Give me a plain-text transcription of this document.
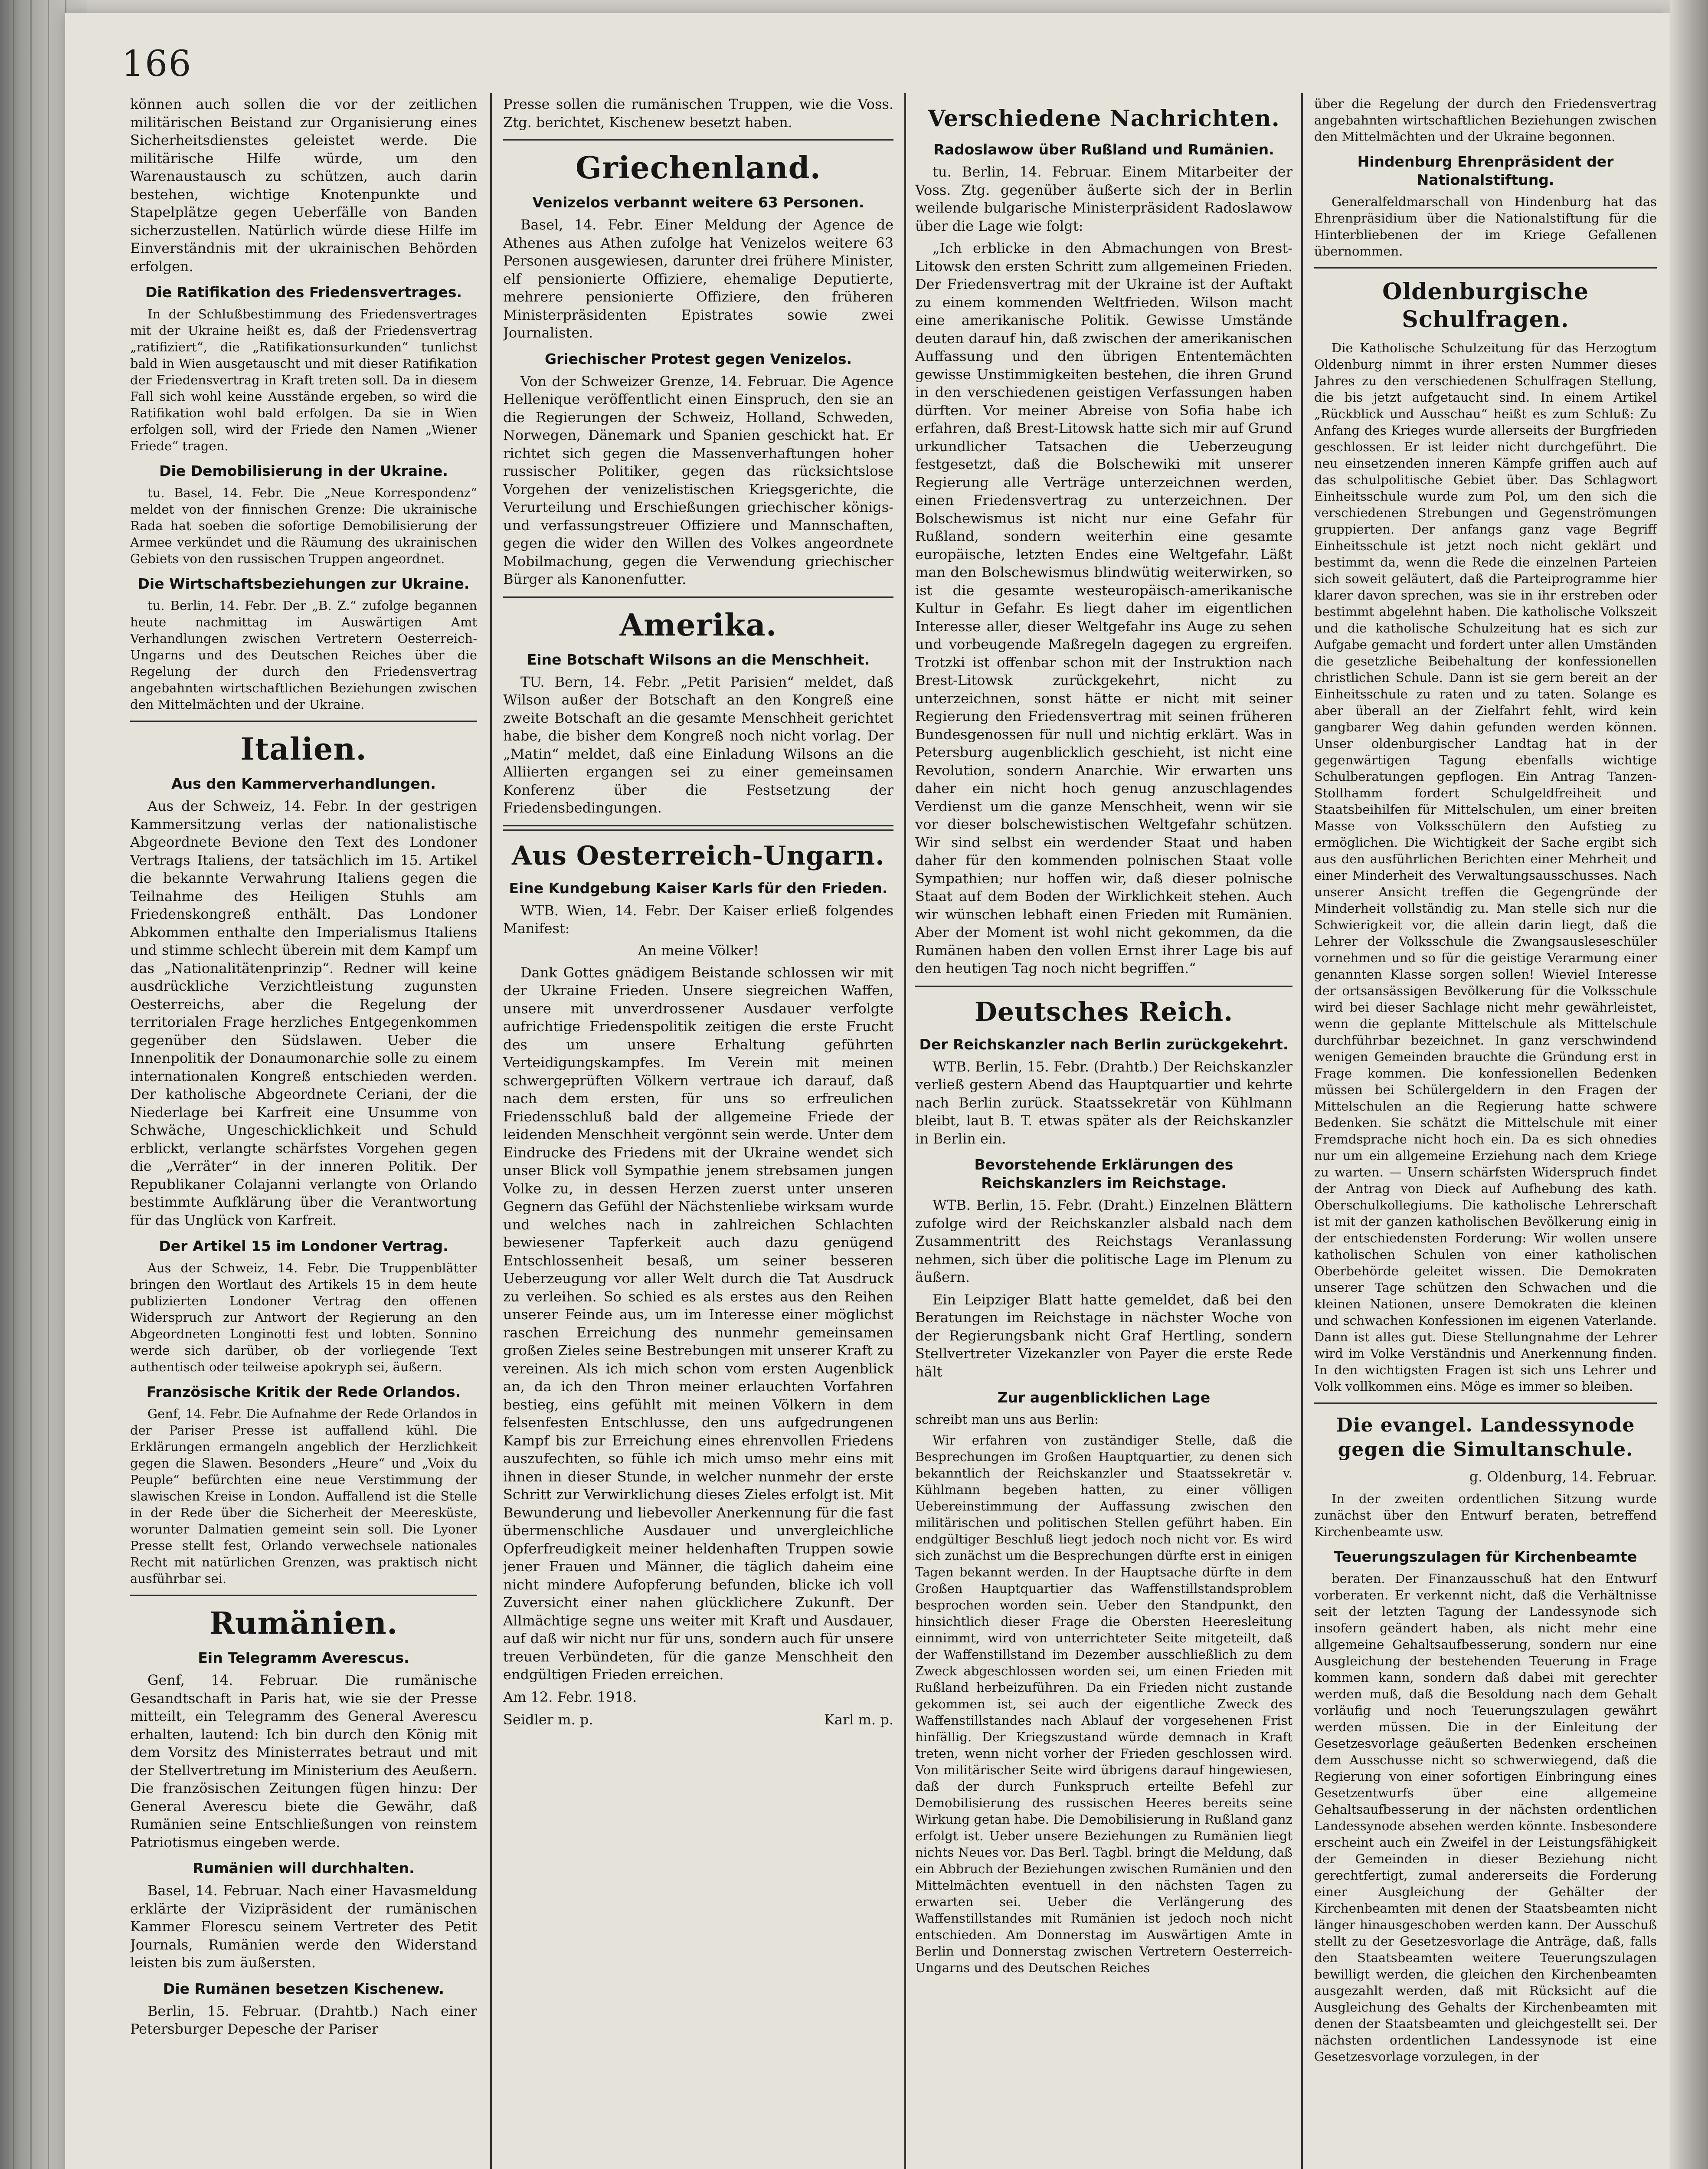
166

können auch sollen die vor der zeitlichen militärischen Beistand zur Organisierung eines Sicherheitsdienstes geleistet werde. Die militärische Hilfe würde, um den Warenaustausch zu schützen, auch darin bestehen, wichtige Knotenpunkte und Stapelplätze gegen Ueberfälle von Banden sicherzustellen. Natürlich würde diese Hilfe im Einverständnis mit der ukrainischen Behörden erfolgen.

Die Ratifikation des Friedensvertrages.

In der Schlußbestimmung des Friedensvertrages mit der Ukraine heißt es, daß der Friedensvertrag „ratifiziert“, die „Ratifikationsurkunden“ tunlichst bald in Wien ausgetauscht und mit dieser Ratifikation der Friedensvertrag in Kraft treten soll. Da in diesem Fall sich wohl keine Ausstände ergeben, so wird die Ratifikation wohl bald erfolgen. Da sie in Wien erfolgen soll, wird der Friede den Namen „Wiener Friede“ tragen.

Die Demobilisierung in der Ukraine.

tu. Basel, 14. Febr. Die „Neue Korrespondenz“ meldet von der finnischen Grenze: Die ukrainische Rada hat soeben die sofortige Demobilisierung der Armee verkündet und die Räumung des ukrainischen Gebiets von den russischen Truppen angeordnet.

Die Wirtschaftsbeziehungen zur Ukraine.

tu. Berlin, 14. Febr. Der „B. Z.“ zufolge begannen heute nachmittag im Auswärtigen Amt Verhandlungen zwischen Vertretern Oesterreich-Ungarns und des Deutschen Reiches über die Regelung der durch den Friedensvertrag angebahnten wirtschaftlichen Beziehungen zwischen den Mittelmächten und der Ukraine.

Italien.
Aus den Kammerverhandlungen.

Aus der Schweiz, 14. Febr. In der gestrigen Kammersitzung verlas der nationalistische Abgeordnete Bevione den Text des Londoner Vertrags Italiens, der tatsächlich im 15. Artikel die bekannte Verwahrung Italiens gegen die Teilnahme des Heiligen Stuhls am Friedenskongreß enthält. Das Londoner Abkommen enthalte den Imperialismus Italiens und stimme schlecht überein mit dem Kampf um das „Nationalitätenprinzip“. Redner will keine ausdrückliche Verzichtleistung zugunsten Oesterreichs, aber die Regelung der territorialen Frage herzliches Entgegenkommen gegenüber den Südslawen. Ueber die Innenpolitik der Donaumonarchie solle zu einem internationalen Kongreß entschieden werden. Der katholische Abgeordnete Ceriani, der die Niederlage bei Karfreit eine Unsumme von Schwäche, Ungeschicklichkeit und Schuld erblickt, verlangte schärfstes Vorgehen gegen die „Verräter“ in der inneren Politik. Der Republikaner Colajanni verlangte von Orlando bestimmte Aufklärung über die Verantwortung für das Unglück von Karfreit.

Der Artikel 15 im Londoner Vertrag.

Aus der Schweiz, 14. Febr. Die Truppenblätter bringen den Wortlaut des Artikels 15 in dem heute publizierten Londoner Vertrag den offenen Widerspruch zur Antwort der Regierung an den Abgeordneten Longinotti fest und lobten. Sonnino werde sich darüber, ob der vorliegende Text authentisch oder teilweise apokryph sei, äußern.

Französische Kritik der Rede Orlandos.

Genf, 14. Febr. Die Aufnahme der Rede Orlandos in der Pariser Presse ist auffallend kühl. Die Erklärungen ermangeln angeblich der Herzlichkeit gegen die Slawen. Besonders „Heure“ und „Voix du Peuple“ befürchten eine neue Verstimmung der slawischen Kreise in London. Auffallend ist die Stelle in der Rede über die Sicherheit der Meeresküste, worunter Dalmatien gemeint sein soll. Die Lyoner Presse stellt fest, Orlando verwechsele nationales Recht mit natürlichen Grenzen, was praktisch nicht ausführbar sei.

Rumänien.
Ein Telegramm Averescus.

Genf, 14. Februar. Die rumänische Gesandtschaft in Paris hat, wie sie der Presse mitteilt, ein Telegramm des General Averescu erhalten, lautend: Ich bin durch den König mit dem Vorsitz des Ministerrates betraut und mit der Stellvertretung im Ministerium des Aeußern. Die französischen Zeitungen fügen hinzu: Der General Averescu biete die Gewähr, daß Rumänien seine Entschließungen von reinstem Patriotismus eingeben werde.

Rumänien will durchhalten.

Basel, 14. Februar. Nach einer Havasmeldung erklärte der Vizipräsident der rumänischen Kammer Florescu seinem Vertreter des Petit Journals, Rumänien werde den Widerstand leisten bis zum äußersten.

Die Rumänen besetzen Kischenew.

Berlin, 15. Februar. (Drahtb.) Nach einer Petersburger Depesche der Pariser

Presse sollen die rumänischen Truppen, wie die Voss. Ztg. berichtet, Kischenew besetzt haben.

Griechenland.
Venizelos verbannt weitere 63 Personen.

Basel, 14. Febr. Einer Meldung der Agence de Athenes aus Athen zufolge hat Venizelos weitere 63 Personen ausgewiesen, darunter drei frühere Minister, elf pensionierte Offiziere, ehemalige Deputierte, mehrere pensionierte Offiziere, den früheren Ministerpräsidenten Epistrates sowie zwei Journalisten.

Griechischer Protest gegen Venizelos.

Von der Schweizer Grenze, 14. Februar. Die Agence Hellenique veröffentlicht einen Einspruch, den sie an die Regierungen der Schweiz, Holland, Schweden, Norwegen, Dänemark und Spanien geschickt hat. Er richtet sich gegen die Massenverhaftungen hoher russischer Politiker, gegen das rücksichtslose Vorgehen der venizelistischen Kriegsgerichte, die Verurteilung und Erschießungen griechischer königs- und verfassungstreuer Offiziere und Mannschaften, gegen die wider den Willen des Volkes angeordnete Mobilmachung, gegen die Verwendung griechischer Bürger als Kanonenfutter.

Amerika.
Eine Botschaft Wilsons an die Menschheit.

TU. Bern, 14. Febr. „Petit Parisien“ meldet, daß Wilson außer der Botschaft an den Kongreß eine zweite Botschaft an die gesamte Menschheit gerichtet habe, die bisher dem Kongreß noch nicht vorlag. Der „Matin“ meldet, daß eine Einladung Wilsons an die Alliierten ergangen sei zu einer gemeinsamen Konferenz über die Festsetzung der Friedensbedingungen.

Aus Oesterreich-Ungarn.
Eine Kundgebung Kaiser Karls für den Frieden.

WTB. Wien, 14. Febr. Der Kaiser erließ folgendes Manifest:

An meine Völker!

Dank Gottes gnädigem Beistande schlossen wir mit der Ukraine Frieden. Unsere siegreichen Waffen, unsere mit unverdrossener Ausdauer verfolgte aufrichtige Friedenspolitik zeitigen die erste Frucht des um unsere Erhaltung geführten Verteidigungskampfes. Im Verein mit meinen schwergeprüften Völkern vertraue ich darauf, daß nach dem ersten, für uns so erfreulichen Friedensschluß bald der allgemeine Friede der leidenden Menschheit vergönnt sein werde. Unter dem Eindrucke des Friedens mit der Ukraine wendet sich unser Blick voll Sympathie jenem strebsamen jungen Volke zu, in dessen Herzen zuerst unter unseren Gegnern das Gefühl der Nächstenliebe wirksam wurde und welches nach in zahlreichen Schlachten bewiesener Tapferkeit auch dazu genügend Entschlossenheit besaß, um seiner besseren Ueberzeugung vor aller Welt durch die Tat Ausdruck zu verleihen. So schied es als erstes aus den Reihen unserer Feinde aus, um im Interesse einer möglichst raschen Erreichung des nunmehr gemeinsamen großen Zieles seine Bestrebungen mit unserer Kraft zu vereinen. Als ich mich schon vom ersten Augenblick an, da ich den Thron meiner erlauchten Vorfahren bestieg, eins gefühlt mit meinen Völkern in dem felsenfesten Entschlusse, den uns aufgedrungenen Kampf bis zur Erreichung eines ehrenvollen Friedens auszufechten, so fühle ich mich umso mehr eins mit ihnen in dieser Stunde, in welcher nunmehr der erste Schritt zur Verwirklichung dieses Zieles erfolgt ist. Mit Bewunderung und liebevoller Anerkennung für die fast übermenschliche Ausdauer und unvergleichliche Opferfreudigkeit meiner heldenhaften Truppen sowie jener Frauen und Männer, die täglich daheim eine nicht mindere Aufopferung befunden, blicke ich voll Zuversicht einer nahen glücklichere Zukunft. Der Allmächtige segne uns weiter mit Kraft und Ausdauer, auf daß wir nicht nur für uns, sondern auch für unsere treuen Verbündeten, für die ganze Menschheit den endgültigen Frieden erreichen.

Am 12. Febr. 1918.

Seidler m. p.	Karl m. p.
Verschiedene Nachrichten.
Radoslawow über Rußland und Rumänien.

tu. Berlin, 14. Februar. Einem Mitarbeiter der Voss. Ztg. gegenüber äußerte sich der in Berlin weilende bulgarische Ministerpräsident Radoslawow über die Lage wie folgt:

„Ich erblicke in den Abmachungen von Brest-Litowsk den ersten Schritt zum allgemeinen Frieden. Der Friedensvertrag mit der Ukraine ist der Auftakt zu einem kommenden Weltfrieden. Wilson macht eine amerikanische Politik. Gewisse Umstände deuten darauf hin, daß zwischen der amerikanischen Auffassung und den übrigen Ententemächten gewisse Unstimmigkeiten bestehen, die ihren Grund in den verschiedenen geistigen Verfassungen haben dürften. Vor meiner Abreise von Sofia habe ich erfahren, daß Brest-Litowsk hatte sich mir auf Grund urkundlicher Tatsachen die Ueberzeugung festgesetzt, daß die Bolschewiki mit unserer Regierung alle Verträge unterzeichnen werden, einen Friedensvertrag zu unterzeichnen. Der Bolschewismus ist nicht nur eine Gefahr für Rußland, sondern weiterhin eine gesamte europäische, letzten Endes eine Weltgefahr. Läßt man den Bolschewismus blindwütig weiterwirken, so ist die gesamte westeuropäisch-amerikanische Kultur in Gefahr. Es liegt daher im eigentlichen Interesse aller, dieser Weltgefahr ins Auge zu sehen und vorbeugende Maßregeln dagegen zu ergreifen. Trotzki ist offenbar schon mit der Instruktion nach Brest-Litowsk zurückgekehrt, nicht zu unterzeichnen, sonst hätte er nicht mit seiner Regierung den Friedensvertrag mit seinen früheren Bundesgenossen für null und nichtig erklärt. Was in Petersburg augenblicklich geschieht, ist nicht eine Revolution, sondern Anarchie. Wir erwarten uns daher ein nicht hoch genug anzuschlagendes Verdienst um die ganze Menschheit, wenn wir sie vor dieser bolschewistischen Weltgefahr schützen. Wir sind selbst ein werdender Staat und haben daher für den kommenden polnischen Staat volle Sympathien; nur hoffen wir, daß dieser polnische Staat auf dem Boden der Wirklichkeit stehen. Auch wir wünschen lebhaft einen Frieden mit Rumänien. Aber der Moment ist wohl nicht gekommen, da die Rumänen haben den vollen Ernst ihrer Lage bis auf den heutigen Tag noch nicht begriffen.“

Deutsches Reich.
Der Reichskanzler nach Berlin zurückgekehrt.

WTB. Berlin, 15. Febr. (Drahtb.) Der Reichskanzler verließ gestern Abend das Hauptquartier und kehrte nach Berlin zurück. Staatssekretär von Kühlmann bleibt, laut B. T. etwas später als der Reichskanzler in Berlin ein.

Bevorstehende Erklärungen des Reichskanzlers im Reichstage.

WTB. Berlin, 15. Febr. (Draht.) Einzelnen Blättern zufolge wird der Reichskanzler alsbald nach dem Zusammentritt des Reichstags Veranlassung nehmen, sich über die politische Lage im Plenum zu äußern.

Ein Leipziger Blatt hatte gemeldet, daß bei den Beratungen im Reichstage in nächster Woche von der Regierungsbank nicht Graf Hertling, sondern Stellvertreter Vizekanzler von Payer die erste Rede hält

Zur augenblicklichen Lage

schreibt man uns aus Berlin:

Wir erfahren von zuständiger Stelle, daß die Besprechungen im Großen Hauptquartier, zu denen sich bekanntlich der Reichskanzler und Staatssekretär v. Kühlmann begeben hatten, zu einer völligen Uebereinstimmung der Auffassung zwischen den militärischen und politischen Stellen geführt haben. Ein endgültiger Beschluß liegt jedoch noch nicht vor. Es wird sich zunächst um die Besprechungen dürfte erst in einigen Tagen bekannt werden. In der Hauptsache dürfte in dem Großen Hauptquartier das Waffenstillstandsproblem besprochen worden sein. Ueber den Standpunkt, den hinsichtlich dieser Frage die Obersten Heeresleitung einnimmt, wird von unterrichteter Seite mitgeteilt, daß der Waffenstillstand im Dezember ausschließlich zu dem Zweck abgeschlossen worden sei, um einen Frieden mit Rußland herbeizuführen. Da ein Frieden nicht zustande gekommen ist, sei auch der eigentliche Zweck des Waffenstillstandes nach Ablauf der vorgesehenen Frist hinfällig. Der Kriegszustand würde demnach in Kraft treten, wenn nicht vorher der Frieden geschlossen wird. Von militärischer Seite wird übrigens darauf hingewiesen, daß der durch Funkspruch erteilte Befehl zur Demobilisierung des russischen Heeres bereits seine Wirkung getan habe. Die Demobilisierung in Rußland ganz erfolgt ist. Ueber unsere Beziehungen zu Rumänien liegt nichts Neues vor. Das Berl. Tagbl. bringt die Meldung, daß ein Abbruch der Beziehungen zwischen Rumänien und den Mittelmächten eventuell in den nächsten Tagen zu erwarten sei. Ueber die Verlängerung des Waffenstillstandes mit Rumänien ist jedoch noch nicht entschieden. Am Donnerstag im Auswärtigen Amte in Berlin und Donnerstag zwischen Vertretern Oesterreich-Ungarns und des Deutschen Reiches

über die Regelung der durch den Friedensvertrag angebahnten wirtschaftlichen Beziehungen zwischen den Mittelmächten und der Ukraine begonnen.

Hindenburg Ehrenpräsident der Nationalstiftung.

Generalfeldmarschall von Hindenburg hat das Ehrenpräsidium über die Nationalstiftung für die Hinterbliebenen der im Kriege Gefallenen übernommen.

Oldenburgische Schulfragen.

Die Katholische Schulzeitung für das Herzogtum Oldenburg nimmt in ihrer ersten Nummer dieses Jahres zu den verschiedenen Schulfragen Stellung, die bis jetzt aufgetaucht sind. In einem Artikel „Rückblick und Ausschau“ heißt es zum Schluß: Zu Anfang des Krieges wurde allerseits der Burgfrieden geschlossen. Er ist leider nicht durchgeführt. Die neu einsetzenden inneren Kämpfe griffen auch auf das schulpolitische Gebiet über. Das Schlagwort Einheitsschule wurde zum Pol, um den sich die verschiedenen Strebungen und Gegenströmungen gruppierten. Der anfangs ganz vage Begriff Einheitsschule ist jetzt noch nicht geklärt und bestimmt da, wenn die Rede die einzelnen Parteien sich soweit geläutert, daß die Parteiprogramme hier klarer davon sprechen, was sie in ihr erstreben oder bestimmt abgelehnt haben. Die katholische Volkszeit und die katholische Schulzeitung hat es sich zur Aufgabe gemacht und fordert unter allen Umständen die gesetzliche Beibehaltung der konfessionellen christlichen Schule. Dann ist sie gern bereit an der Einheitsschule zu raten und zu taten. Solange es aber überall an der Zielfahrt fehlt, wird kein gangbarer Weg dahin gefunden werden können. Unser oldenburgischer Landtag hat in der gegenwärtigen Tagung ebenfalls wichtige Schulberatungen gepflogen. Ein Antrag Tanzen-Stollhamm fordert Schulgeldfreiheit und Staatsbeihilfen für Mittelschulen, um einer breiten Masse von Volksschülern den Aufstieg zu ermöglichen. Die Wichtigkeit der Sache ergibt sich aus den ausführlichen Berichten einer Mehrheit und einer Minderheit des Verwaltungsausschusses. Nach unserer Ansicht treffen die Gegengründe der Minderheit vollständig zu. Man stelle sich nur die Schwierigkeit vor, die allein darin liegt, daß die Lehrer der Volksschule die Zwangsausleseschüler vornehmen und so für die geistige Verarmung einer genannten Klasse sorgen sollen! Wieviel Interesse der ortsansässigen Bevölkerung für die Volksschule wird bei dieser Sachlage nicht mehr gewährleistet, wenn die geplante Mittelschule als Mittelschule durchführbar bezeichnet. In ganz verschwindend wenigen Gemeinden brauchte die Gründung erst in Frage kommen. Die konfessionellen Bedenken müssen bei Schülergeldern in den Fragen der Mittelschulen an die Regierung hatte schwere Bedenken. Sie schätzt die Mittelschule mit einer Fremdsprache nicht hoch ein. Da es sich ohnedies nur um ein allgemeine Erziehung nach dem Kriege zu warten. — Unsern schärfsten Widerspruch findet der Antrag von Dieck auf Aufhebung des kath. Oberschulkollegiums. Die katholische Lehrerschaft ist mit der ganzen katholischen Bevölkerung einig in der entschiedensten Forderung: Wir wollen unsere katholischen Schulen von einer katholischen Oberbehörde geleitet wissen. Die Demokraten unserer Tage schützen den Schwachen und die kleinen Nationen, unsere Demokraten die kleinen und schwachen Konfessionen im eigenen Vaterlande. Dann ist alles gut. Diese Stellungnahme der Lehrer wird im Volke Verständnis und Anerkennung finden. In den wichtigsten Fragen ist sich uns Lehrer und Volk vollkommen eins. Möge es immer so bleiben.

Die evangel. Landessynode gegen die Simultanschule.

g. Oldenburg, 14. Februar.

In der zweiten ordentlichen Sitzung wurde zunächst über den Entwurf beraten, betreffend Kirchenbeamte usw.

Teuerungszulagen für Kirchenbeamte

beraten. Der Finanzausschuß hat den Entwurf vorberaten. Er verkennt nicht, daß die Verhältnisse seit der letzten Tagung der Landessynode sich insofern geändert haben, als nicht mehr eine allgemeine Gehaltsaufbesserung, sondern nur eine Ausgleichung der bestehenden Teuerung in Frage kommen kann, sondern daß dabei mit gerechter werden muß, daß die Besoldung nach dem Gehalt vorläufig und noch Teuerungszulagen gewährt werden müssen. Die in der Einleitung der Gesetzesvorlage geäußerten Bedenken erscheinen dem Ausschusse nicht so schwerwiegend, daß die Regierung von einer sofortigen Einbringung eines Gesetzentwurfs über eine allgemeine Gehaltsaufbesserung in der nächsten ordentlichen Landessynode absehen werden könnte. Insbesondere erscheint auch ein Zweifel in der Leistungsfähigkeit der Gemeinden in dieser Beziehung nicht gerechtfertigt, zumal andererseits die Forderung einer Ausgleichung der Gehälter der Kirchenbeamten mit denen der Staatsbeamten nicht länger hinausgeschoben werden kann. Der Ausschuß stellt zu der Gesetzesvorlage die Anträge, daß, falls den Staatsbeamten weitere Teuerungszulagen bewilligt werden, die gleichen den Kirchenbeamten ausgezahlt werden, daß mit Rücksicht auf die Ausgleichung des Gehalts der Kirchenbeamten mit denen der Staatsbeamten und gleichgestellt sei. Der nächsten ordentlichen Landessynode ist eine Gesetzesvorlage vorzulegen, in der
